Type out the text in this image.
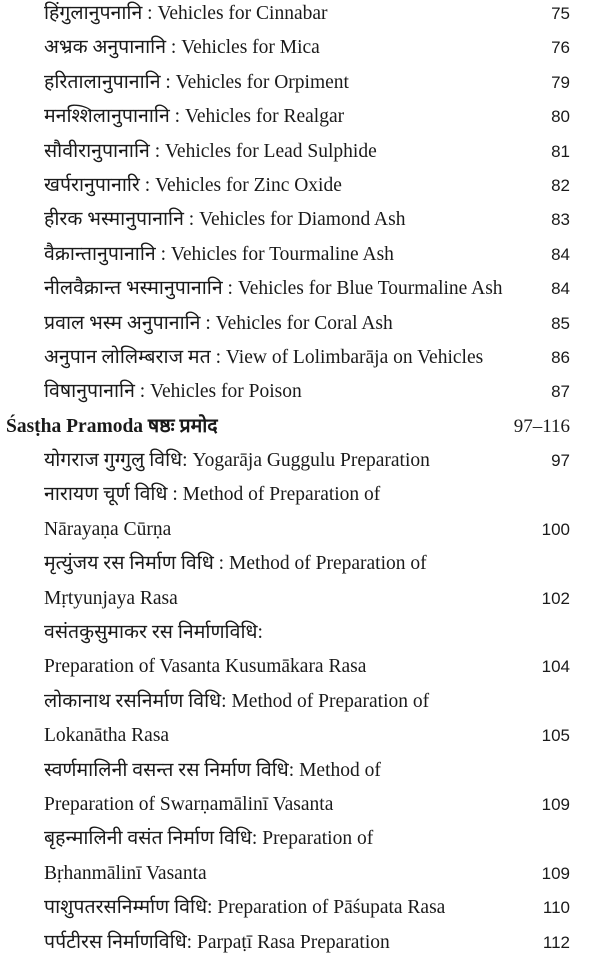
हिंगुलानुपनानि : Vehicles for Cinnabar	75
अभ्रक अनुपानानि : Vehicles for Mica	76
हरितालानुपानानि : Vehicles for Orpiment	79
मनश्शिलानुपानानि : Vehicles for Realgar	80
सौवीरानुपानानि : Vehicles for Lead Sulphide	81
खर्परानुपानारि : Vehicles for Zinc Oxide	82
हीरक भस्मानुपानानि : Vehicles for Diamond Ash	83
वैक्रान्तानुपानानि : Vehicles for Tourmaline Ash	84
नीलवैक्रान्त भस्मानुपानानि : Vehicles for Blue Tourmaline Ash	84
प्रवाल भस्म अनुपानानि : Vehicles for Coral Ash	85
अनुपान लोलिम्बराज मत : View of Lolimbarāja on Vehicles	86
विषानुपानानि : Vehicles for Poison	87
Śasṭha Pramoda षष्ठः प्रमोद	97–116
योगराज गुग्गुलु विधि: Yogarāja Guggulu Preparation	97
नारायण चूर्ण विधि : Method of Preparation of
Nārayaṇa Cūrṇa	100
मृत्युंजय रस निर्माण विधि : Method of Preparation of
Mṛtyunjaya Rasa	102
वसंतकुसुमाकर रस निर्माणविधि:
Preparation of Vasanta Kusumākara Rasa	104
लोकानाथ रसनिर्माण विधि: Method of Preparation of
Lokanātha Rasa	105
स्वर्णमालिनी वसन्त रस निर्माण विधि: Method of
Preparation of Swarṇamālinī Vasanta	109
बृहन्मालिनी वसंत निर्माण विधि: Preparation of
Bṛhanmālinī Vasanta	109
पाशुपतरसनिर्म्माण विधि: Preparation of Pāśupata Rasa	110
पर्पटीरस निर्माणविधि: Parpaṭī Rasa Preparation	112
